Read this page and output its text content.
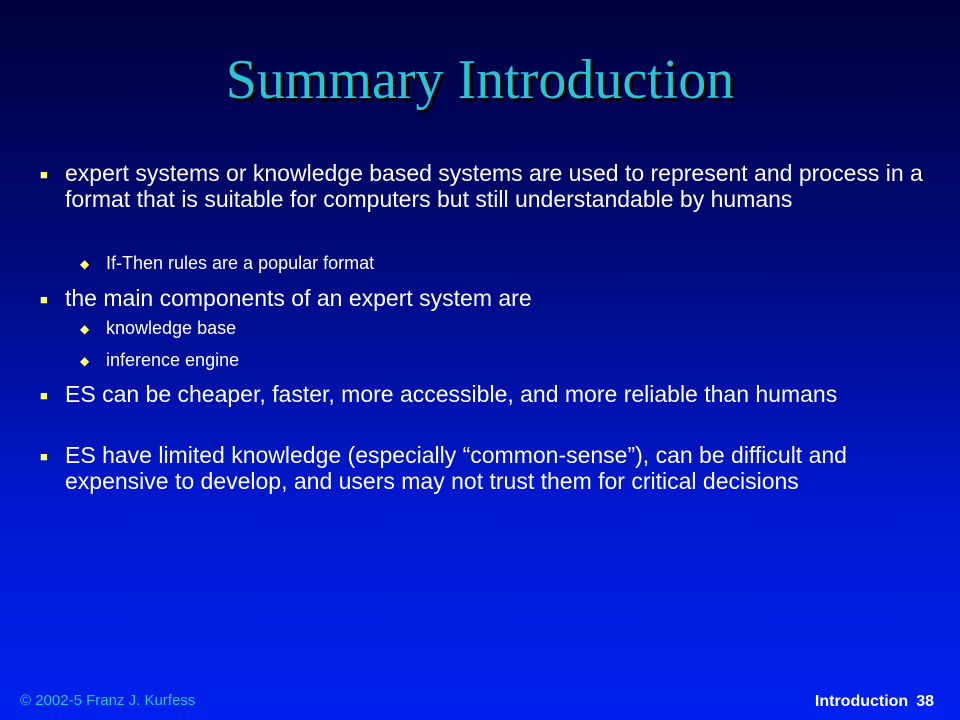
Summary Introduction
■ expert systems or knowledge based systems are used to represent and process in a format that is suitable for computers but still understandable by humans
◆ If-Then rules are a popular format
■ the main components of an expert system are
◆ knowledge base
◆ inference engine
■ ES can be cheaper, faster, more accessible, and more reliable than humans
■ ES have limited knowledge (especially “common-sense”), can be difficult and expensive to develop, and users may not trust them for critical decisions
© 2002-5 Franz J. Kurfess	Introduction 38
